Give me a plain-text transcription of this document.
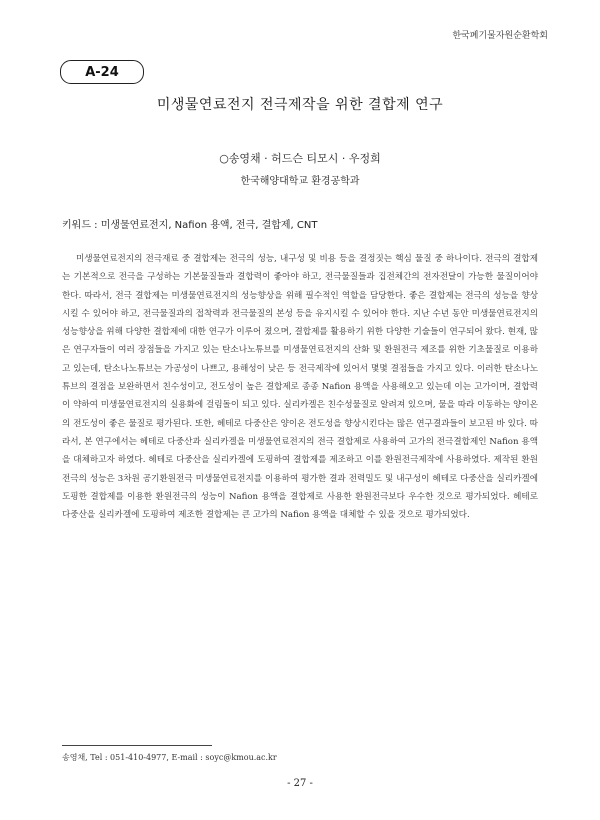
한국폐기물자원순환학회
A-24
미생물연료전지 전극제작을 위한 결합제 연구
○송영채 · 허드슨 티모시 · 우정희
한국해양대학교 환경공학과
키워드 : 미생물연료전지, Nafion 용액, 전극, 결합제, CNT

미생물연료전지의 전극재료 중 결합제는 전극의 성능, 내구성 및 비용 등을 결정짓는 핵심 물질 중 하나이다. 전극의 결합제는 기본적으로 전극을 구성하는 기본물질들과 결합력이 좋아야 하고, 전극물질들과 집전체간의 전자전달이 가능한 물질이어야 한다. 따라서, 전극 결합제는 미생물연료전지의 성능향상을 위해 필수적인 역할을 담당한다. 좋은 결합제는 전극의 성능을 향상시킬 수 있어야 하고, 전극물질과의 접착력과 전극물질의 본성 등을 유지시킬 수 있어야 한다. 지난 수년 동안 미생물연료전지의 성능향상을 위해 다양한 결합제에 대한 연구가 이루어 졌으며, 결합제를 활용하기 위한 다양한 기술들이 연구되어 왔다. 현재, 많은 연구자들이 여러 장점들을 가지고 있는 탄소나노튜브를 미생물연료전지의 산화 및 환원전극 제조를 위한 기초물질로 이용하고 있는데, 탄소나노튜브는 가공성이 나쁘고, 용해성이 낮은 등 전극제작에 있어서 몇몇 결점들을 가지고 있다. 이러한 탄소나노튜브의 결점을 보완하면서 친수성이고, 전도성이 높은 결합제로 종종 Nafion 용액을 사용해오고 있는데 이는 고가이며, 결합력이 약하여 미생물연료전지의 실용화에 걸림돌이 되고 있다. 실리카겔은 친수성물질로 알려져 있으며, 물을 따라 이동하는 양이온의 전도성이 좋은 물질로 평가된다. 또한, 헤테로 다중산은 양이온 전도성을 향상시킨다는 많은 연구결과들이 보고된 바 있다. 따라서, 본 연구에서는 헤테로 다중산과 실리카겔을 미생물연료전지의 전극 결합제로 사용하여 고가의 전극결합제인 Nafion 용액을 대체하고자 하였다. 헤테로 다중산을 실리카겔에 도핑하여 결합제를 제조하고 이를 환원전극제작에 사용하였다. 제작된 환원전극의 성능은 3차원 공기환원전극 미생물연료전지를 이용하여 평가한 결과 전력밀도 및 내구성이 헤테로 다중산을 실리카겔에 도핑한 결합제를 이용한 환원전극의 성능이 Nafion 용액을 결합제로 사용한 환원전극보다 우수한 것으로 평가되었다. 헤테로 다중산을 실리카겔에 도핑하여 제조한 결합제는 큰 고가의 Nafion 용액을 대체할 수 있을 것으로 평가되었다.

송영채, Tel : 051-410-4977, E-mail : soyc@kmou.ac.kr
- 27 -
